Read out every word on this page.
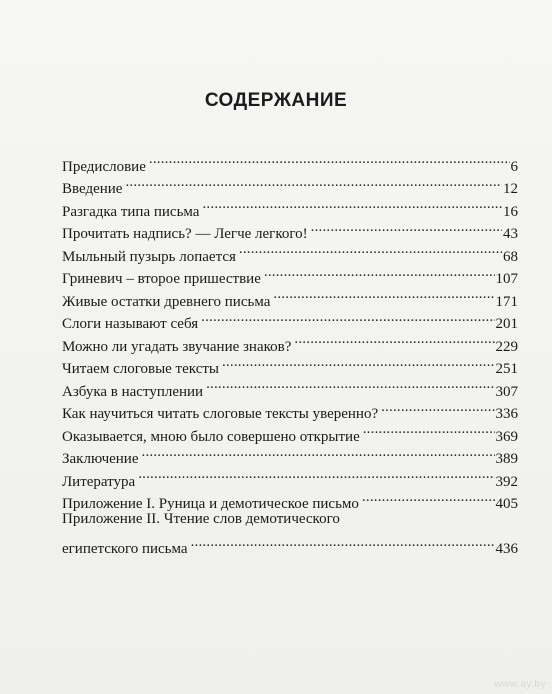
СОДЕРЖАНИЕ
Предисловие .....	6
Введение .....	12
Разгадка типа письма .....	16
Прочитать надпись? — Легче легкого! .....	43
Мыльный пузырь лопается .....	68
Гриневич – второе пришествие .....	107
Живые остатки древнего письма .....	171
Слоги называют себя .....	201
Можно ли угадать звучание знаков? .....	229
Читаем слоговые тексты .....	251
Азбука в наступлении .....	307
Как научиться читать слоговые тексты уверенно? .....	336
Оказывается, мною было совершено открытие .....	369
Заключение .....	389
Литература .....	392
Приложение I. Руница и демотическое письмо .....	405
Приложение II. Чтение слов демотического
египетского письма .....	436
www.ay.by
